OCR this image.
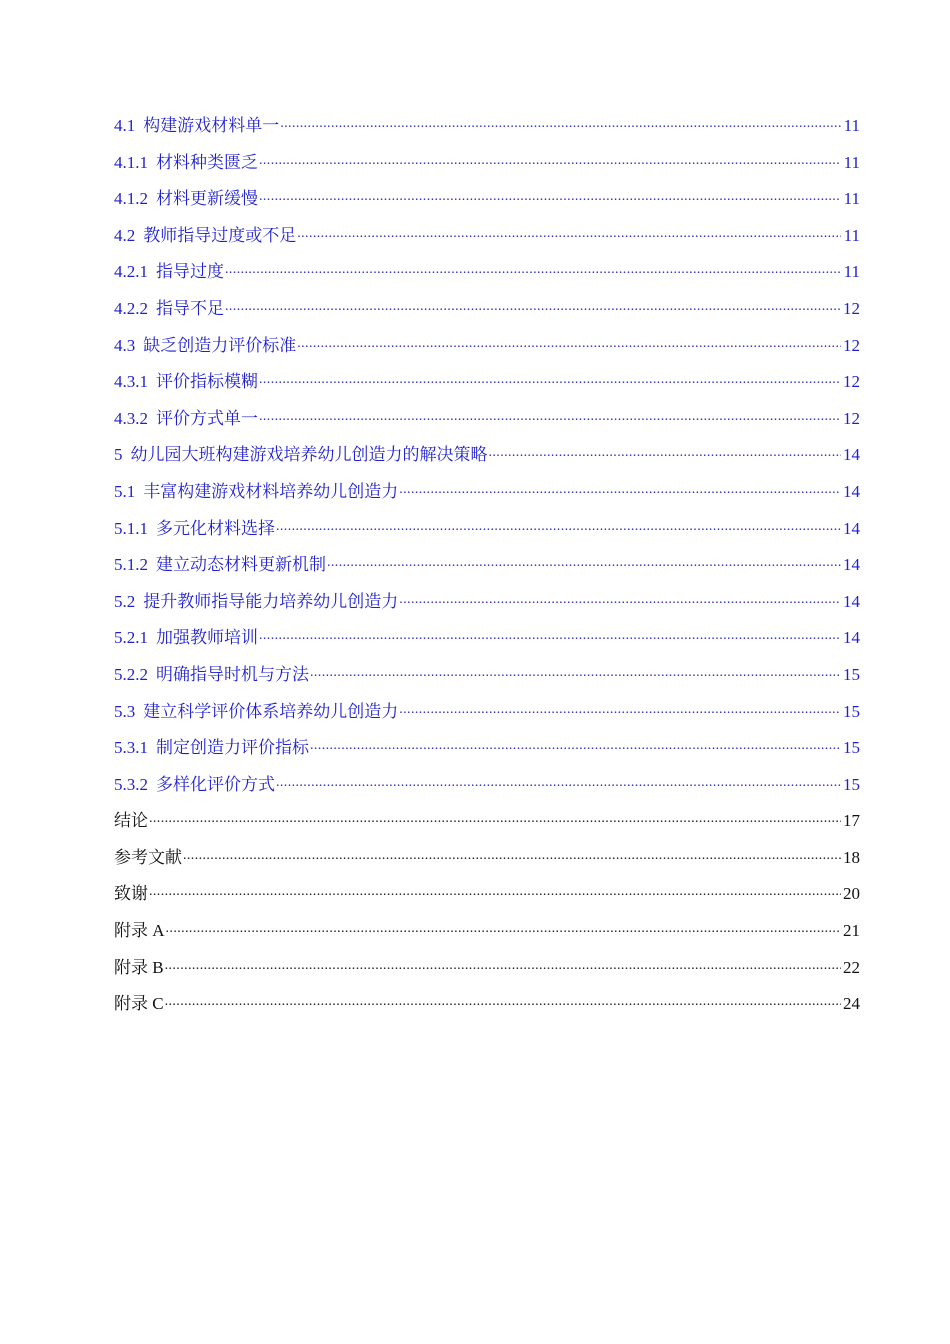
4.1 构建游戏材料单一 .....	11
4.1.1 材料种类匮乏 .....	11
4.1.2 材料更新缓慢 .....	11
4.2 教师指导过度或不足 .....	11
4.2.1 指导过度 .....	11
4.2.2 指导不足 .....	12
4.3 缺乏创造力评价标准 .....	12
4.3.1 评价指标模糊 .....	12
4.3.2 评价方式单一 .....	12
5 幼儿园大班构建游戏培养幼儿创造力的解决策略 .....	14
5.1 丰富构建游戏材料培养幼儿创造力 .....	14
5.1.1 多元化材料选择 .....	14
5.1.2 建立动态材料更新机制 .....	14
5.2 提升教师指导能力培养幼儿创造力 .....	14
5.2.1 加强教师培训 .....	14
5.2.2 明确指导时机与方法 .....	15
5.3 建立科学评价体系培养幼儿创造力 .....	15
5.3.1 制定创造力评价指标 .....	15
5.3.2 多样化评价方式 .....	15
结论 .....	17
参考文献 .....	18
致谢 .....	20
附录 A .....	21
附录 B .....	22
附录 C .....	24
